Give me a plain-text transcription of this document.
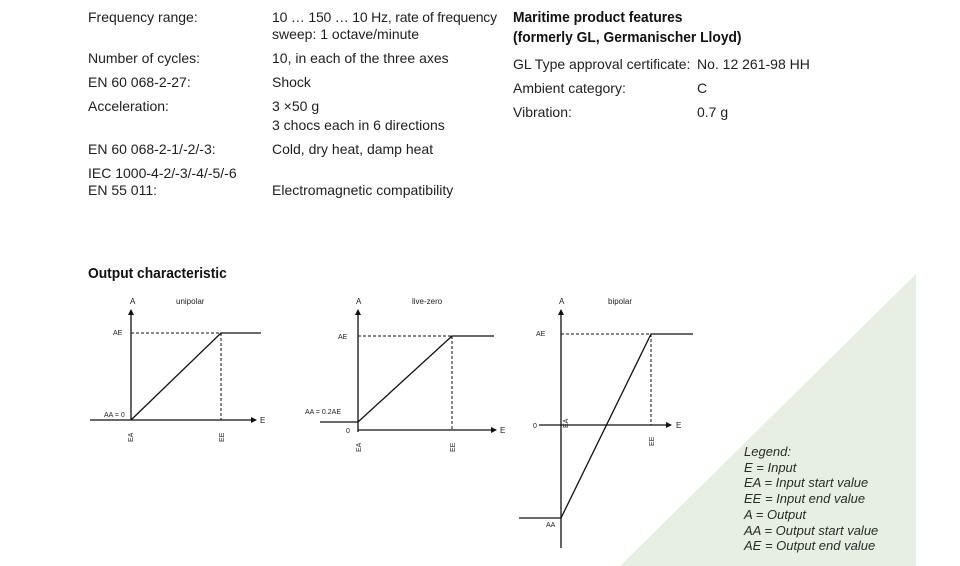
Frequency range:	10 … 150 … 10 Hz, rate of frequency
sweep: 1 octave/minute
Number of cycles:	10, in each of the three axes
EN 60 068-2-27:	Shock
Acceleration:	3 ×50 g
3 chocs each in 6 directions
EN 60 068-2-1/-2/-3:	Cold, dry heat, damp heat
IEC 1000-4-2/-3/-4/-5/-6
EN 55 011:	Electromagnetic compatibility
Maritime product features
(formerly GL, Germanischer Lloyd)
GL Type approval certificate: No. 12 261-98 HH
Ambient category:	C
Vibration:	0.7 g
Output characteristic
unipolar
A
E
AE
AA = 0
EA	EE
live-zero
A
E
0
AE
AA = 0.2AE
EA	EE
bipolar
A
E
0
AE
AA
EA
EE
Legend:
E = Input
EA = Input start value
EE = Input end value
A = Output
AA = Output start value
AE = Output end value
